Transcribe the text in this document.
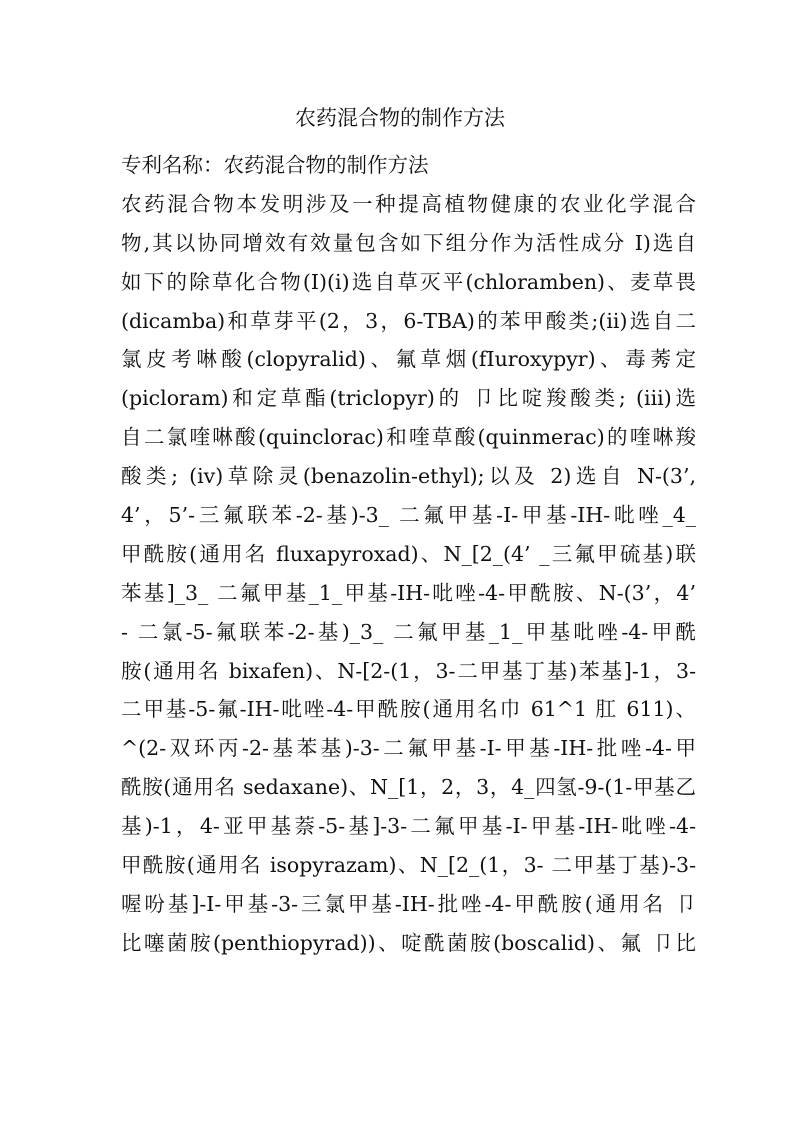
农药混合物的制作方法
专利名称：农药混合物的制作方法
农药混合物本发明涉及一种提高植物健康的农业化学混合
物,其以协同增效有效量包含如下组分作为活性成分 I)选自
如下的除草化合物(I)(i)选自草灭平(chloramben)、麦草畏
(dicamba)和草芽平(2，3，6-TBA)的苯甲酸类;(ii)选自二
氯皮考啉酸(clopyralid)、氟草烟(fIuroxypyr)、毒莠定
(picloram)和定草酯(triclopyr)的 卩比啶羧酸类; (iii)选
自二氯喹啉酸(quinclorac)和喹草酸(quinmerac)的喹啉羧
酸类; (iv)草除灵(benazolin-ethyl);以及 2)选自 N-(3’,
4’，5’-三氟联苯-2-基)-3_ 二氟甲基-I-甲基-IH-吡唑_4_
甲酰胺(通用名 fluxapyroxad)、N_[2_(4’ _三氟甲硫基)联
苯基]_3_ 二氟甲基_1_甲基-IH-吡唑-4-甲酰胺、N-(3’，4’
- 二氯-5-氟联苯-2-基)_3_ 二氟甲基_1_甲基吡唑-4-甲酰
胺(通用名 bixafen)、N-[2-(1，3-二甲基丁基)苯基]-1，3-
二甲基-5-氟-IH-吡唑-4-甲酰胺(通用名巾 61^1 肛 611)、
^(2-双环丙-2-基苯基)-3-二氟甲基-I-甲基-IH-批唑-4-甲
酰胺(通用名 sedaxane)、N_[1，2，3，4_四氢-9-(1-甲基乙
基)-1，4-亚甲基萘-5-基]-3-二氟甲基-I-甲基-IH-吡唑-4-
甲酰胺(通用名 isopyrazam)、N_[2_(1，3- 二甲基丁基)-3-
喔吩基]-I-甲基-3-三氯甲基-IH-批唑-4-甲酰胺(通用名 卩
比噻菌胺(penthiopyrad))、啶酰菌胺(boscalid)、氟 卩比
